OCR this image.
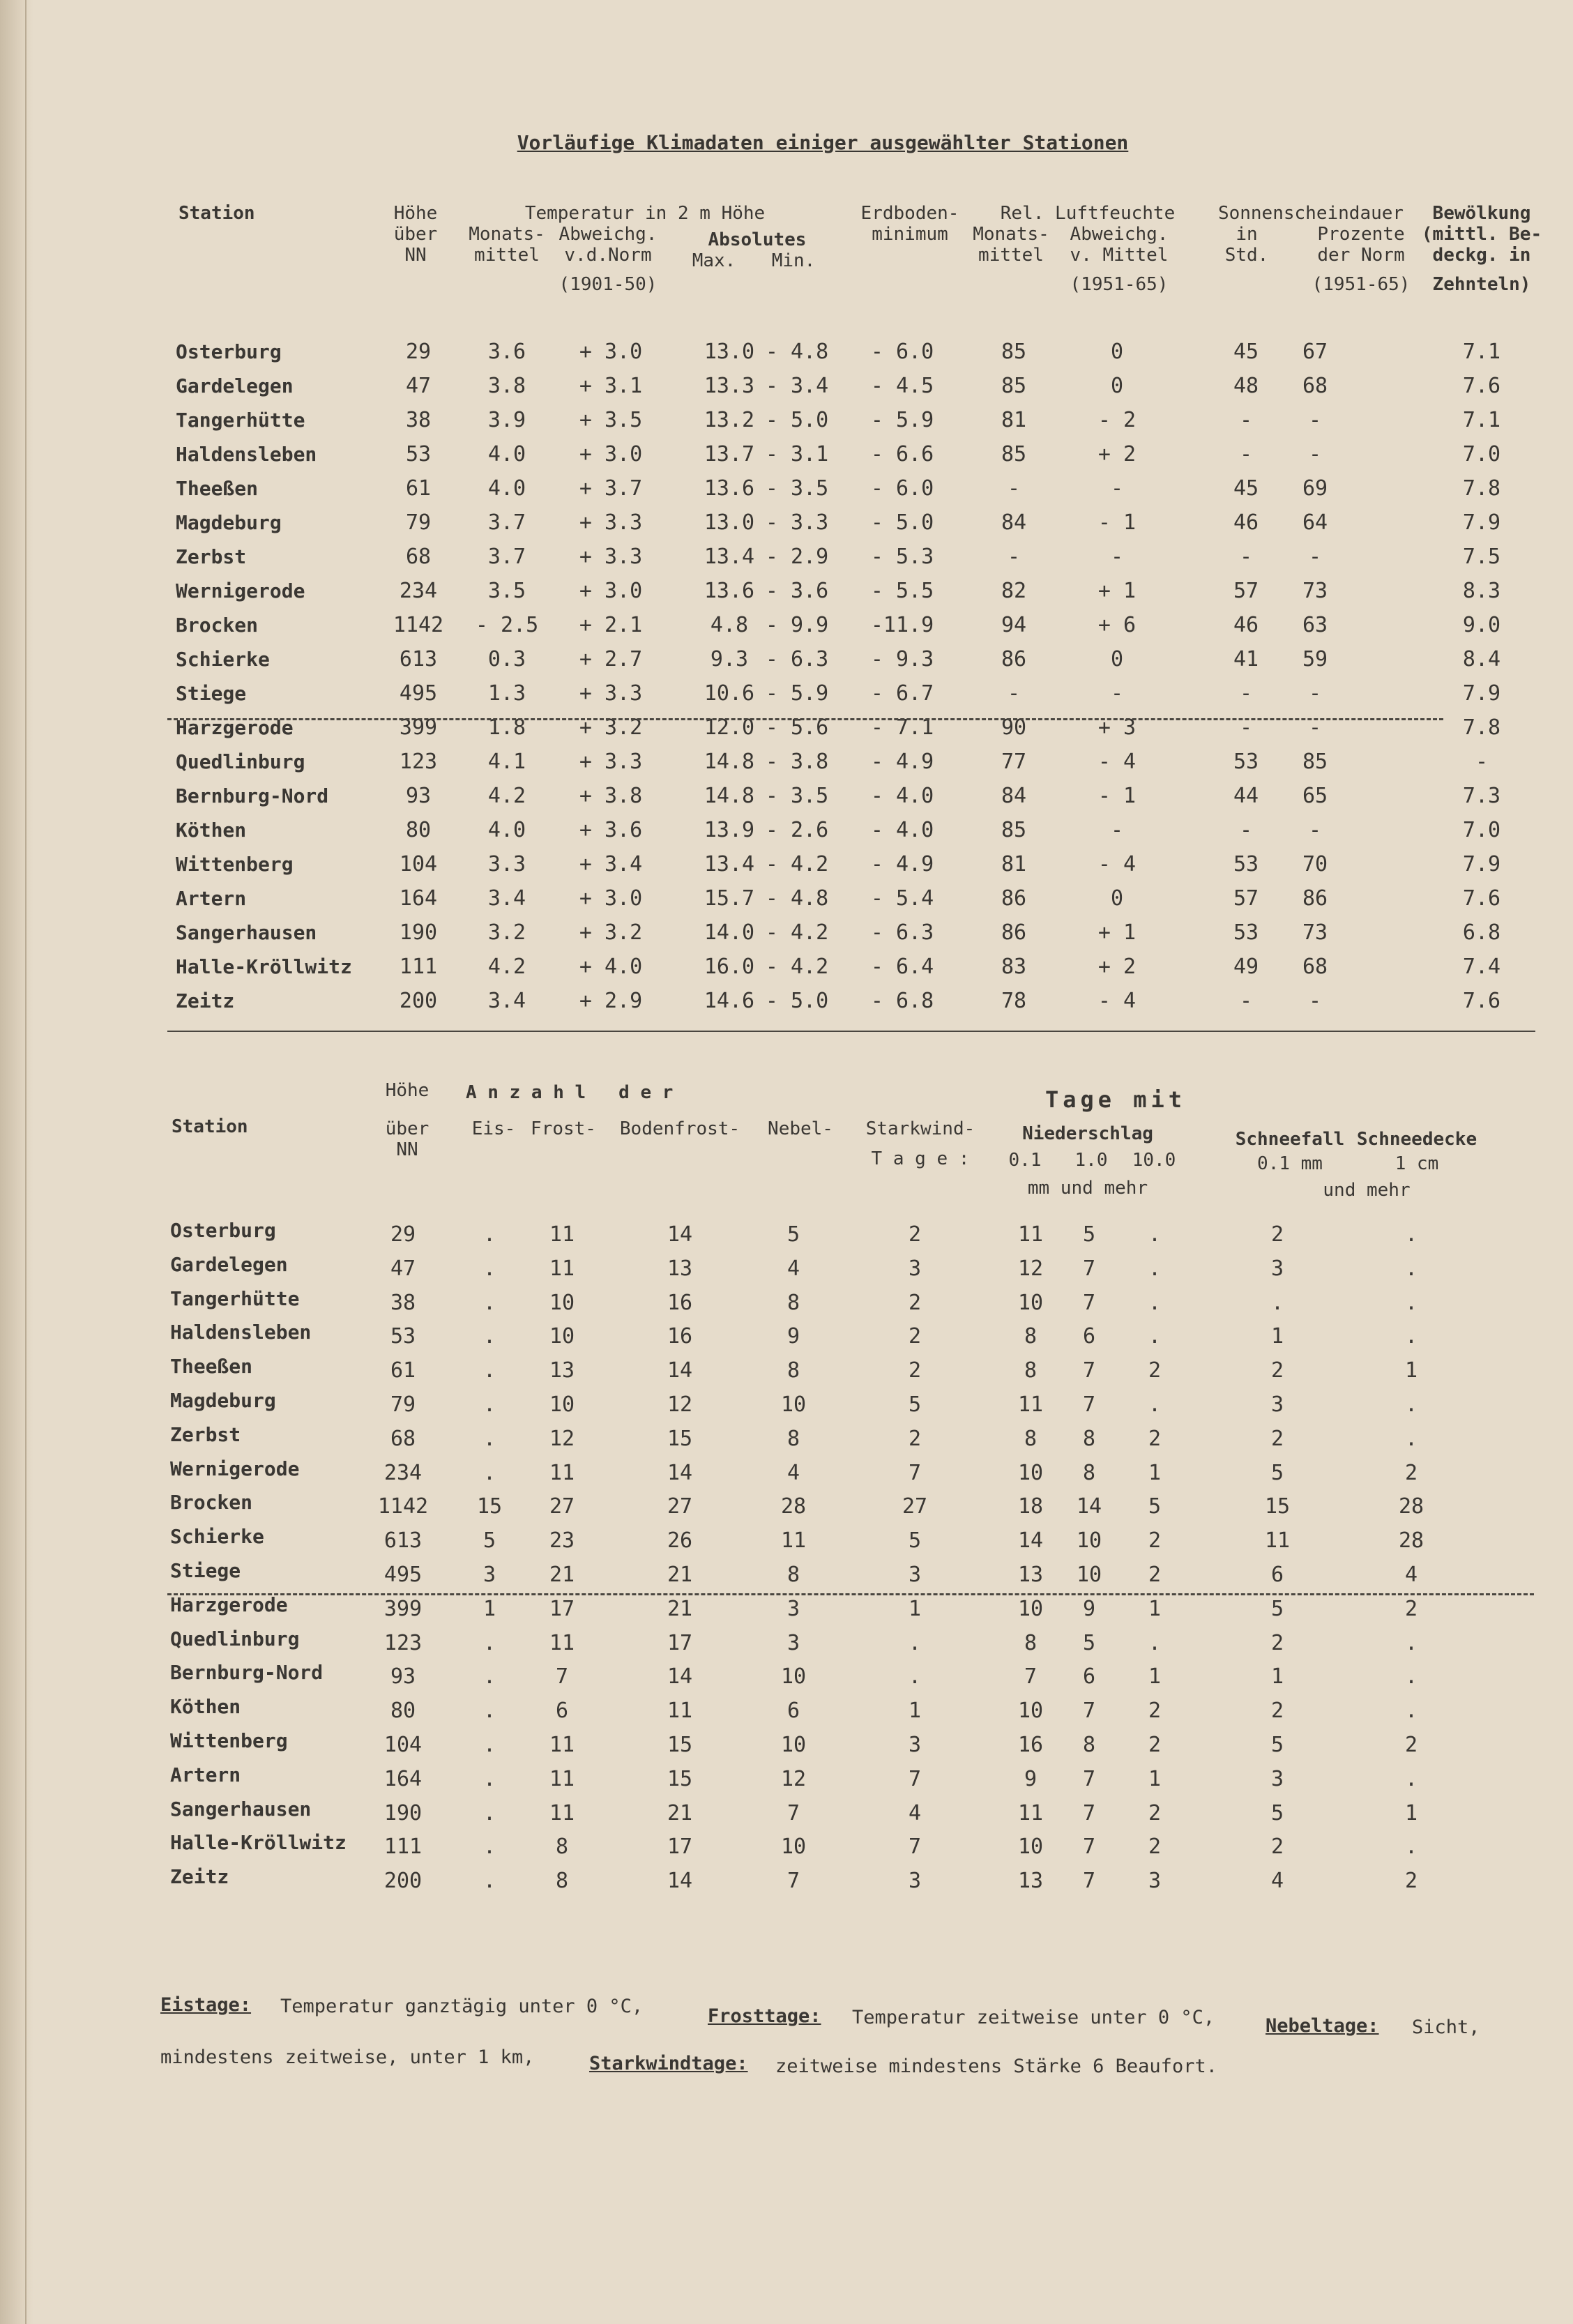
Vorläufige Klimadaten einiger ausgewählter Stationen
Station	Höhe
über
NN
Temperatur in 2 m Höhe
Monats-
mittel
Abweichg.
v.d.Norm
(1901-50)
Absolutes
Max. Min.
Erdboden-
minimum
Rel. Luftfeuchte
Monats-
mittel
Abweichg.
v. Mittel
(1951-65)
Sonnenscheindauer
in
Std.
Prozente
der Norm
(1951-65)
Bewölkung
(mittl. Be-
deckg. in
Zehnteln)
Osterburg	29	3.6	+ 3.0	13.0 - 4.8 - 6.0	85	0	45 67	7.1
Gardelegen	47	3.8	+ 3.1	13.3 - 3.4 - 4.5	85	0	48 68	7.6
Tangerhütte	38	3.9	+ 3.5	13.2 - 5.0 - 5.9	81	- 2	-	-	7.1
Haldensleben	53	4.0	+ 3.0	13.7 - 3.1 - 6.6	85	+ 2	-	-	7.0
Theeßen	61	4.0	+ 3.7	13.6 - 3.5 - 6.0	-	-	45 69	7.8
Magdeburg	79	3.7	+ 3.3	13.0 - 3.3 - 5.0	84	- 1	46 64	7.9
Zerbst	68	3.7	+ 3.3	13.4 - 2.9 - 5.3	-	-	-	-	7.5
Wernigerode	234 3.5	+ 3.0	13.6 - 3.6 - 5.5	82	+ 1	57 73	8.3
Brocken	1142 - 2.5 + 2.1	4.8 - 9.9 -11.9	94	+ 6	46 63	9.0
Schierke	613 0.3	+ 2.7	9.3 - 6.3 - 9.3	86	0	41 59	8.4
Stiege	495 1.3	+ 3.3	10.6 - 5.9 - 6.7	-	-	-	-	7.9
Harzgerode	399 1.8	+ 3.2	12.0 - 5.6 - 7.1	90	+ 3	-	-	7.8
Quedlinburg	123 4.1	+ 3.3	14.8 - 3.8 - 4.9	77	- 4	53 85	-
Bernburg-Nord	93	4.2	+ 3.8	14.8 - 3.5 - 4.0	84	- 1	44 65	7.3
Köthen	80	4.0	+ 3.6	13.9 - 2.6 - 4.0	85	-	-	-	7.0
Wittenberg	104 3.3	+ 3.4	13.4 - 4.2 - 4.9	81	- 4	53 70	7.9
Artern	164 3.4	+ 3.0	15.7 - 4.8 - 5.4	86	0	57 86	7.6
Sangerhausen	190 3.2	+ 3.2	14.0 - 4.2 - 6.3	86	+ 1	53 73	6.8
Halle-Kröllwitz 111 4.2	+ 4.0	16.0 - 4.2 - 6.4	83	+ 2	49 68	7.4
Zeitz	200 3.4	+ 2.9	14.6 - 5.0 - 6.8	78	- 4	-	-	7.6
Station
Höhe
über
NN
A n z a h l   d e r
Eis- Frost- Bodenfrost- Nebel- Starkwind-
T a g e :
Tage mit
Niederschlag
0.1 1.0 10.0
mm und mehr
Schneefall
0.1 mm
Schneedecke
1 cm
und mehr
Osterburg	29	.	11	14	5	2	11 5	.	2	.
Gardelegen	47	.	11	13	4	3	12 7	.	3	.
Tangerhütte	38	.	10	16	8	2	10 7	.	.	.
Haldensleben	53	.	10	16	9	2	8 6	.	1	.
Theeßen	61	.	13	14	8	2	8 7	2	2	1
Magdeburg	79	.	10	12	10	5	11 7	.	3	.
Zerbst	68	.	12	15	8	2	8 8	2	2	.
Wernigerode	234	.	11	14	4	7	10 8	1	5	2
Brocken	1142 15 27	27	28	27	18 14 5	15	28
Schierke	613	5	23	26	11	5	14 10 2	11	28
Stiege	495	3	21	21	8	3	13 10 2	6	4
Harzgerode	399	1	17	21	3	1	10 9	1	5	2
Quedlinburg	123	.	11	17	3	.	8 5	.	2	.
Bernburg-Nord	93	.	7	14	10	.	7 6	1	1	.
Köthen	80	.	6	11	6	1	10 7	2	2	.
Wittenberg	104	.	11	15	10	3	16 8	2	5	2
Artern	164	.	11	15	12	7	9 7	1	3	.
Sangerhausen	190	.	11	21	7	4	11 7	2	5	1
Halle-Kröllwitz 111	.	8	17	10	7	10 7	2	2	.
Zeitz	200	.	8	14	7	3	13 7	3	4	2
Eistage: Temperatur ganztägig unter 0 °C,	Frosttage: Temperatur zeitweise unter 0 °C,	Nebeltage: Sicht,
mindestens zeitweise, unter 1 km,	Starkwindtage: zeitweise mindestens Stärke 6 Beaufort.
